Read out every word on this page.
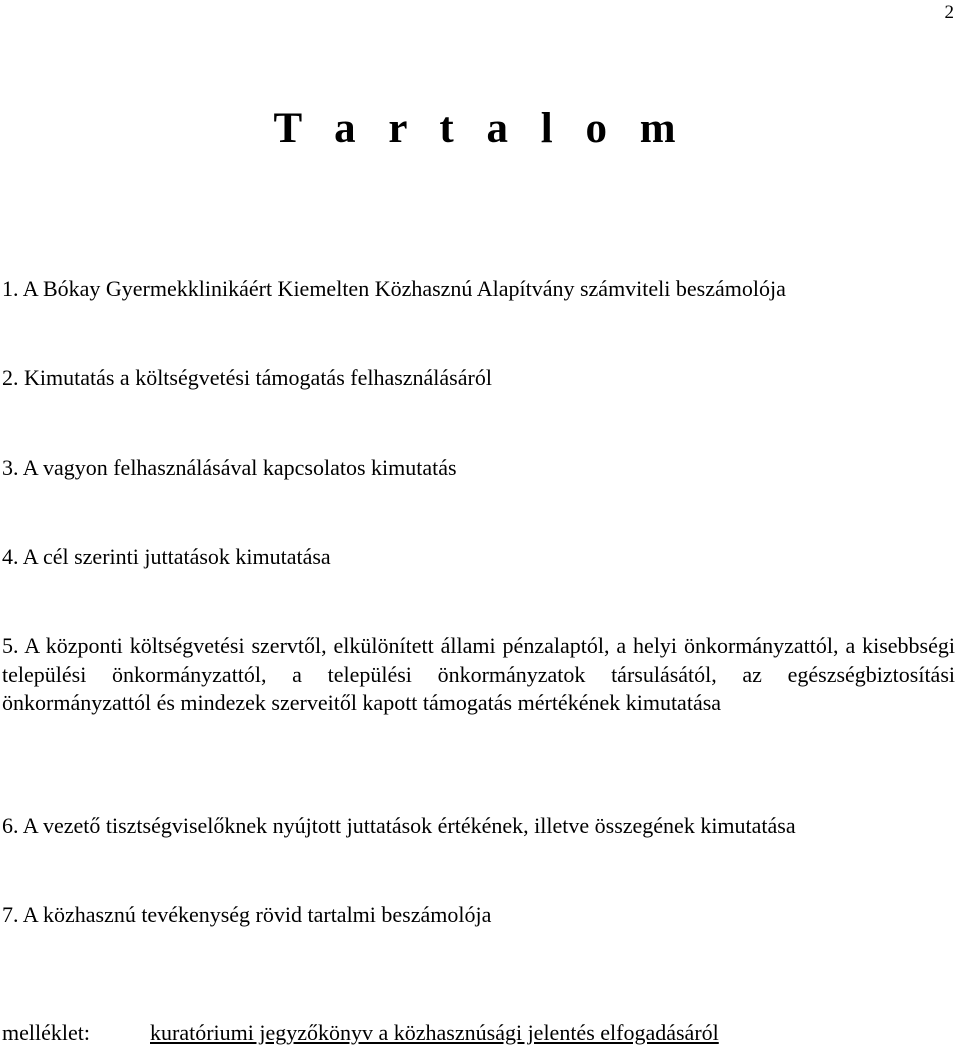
2
T a r t a l o m
1. A Bókay Gyermekklinikáért Kiemelten Közhasznú Alapítvány számviteli beszámolója
2. Kimutatás a költségvetési támogatás felhasználásáról
3. A vagyon felhasználásával kapcsolatos kimutatás
4. A cél szerinti juttatások kimutatása
5. A központi költségvetési szervtől, elkülönített állami pénzalaptól, a helyi önkormányzattól, a kisebbségi települési önkormányzattól, a települési önkormányzatok társulásától, az egészségbiztosítási önkormányzattól és mindezek szerveitől kapott támogatás mértékének kimutatása
6. A vezető tisztségviselőknek nyújtott juttatások értékének, illetve összegének kimutatása
7. A közhasznú tevékenység rövid tartalmi beszámolója
melléklet:	kuratóriumi jegyzőkönyv a közhasznúsági jelentés elfogadásáról
